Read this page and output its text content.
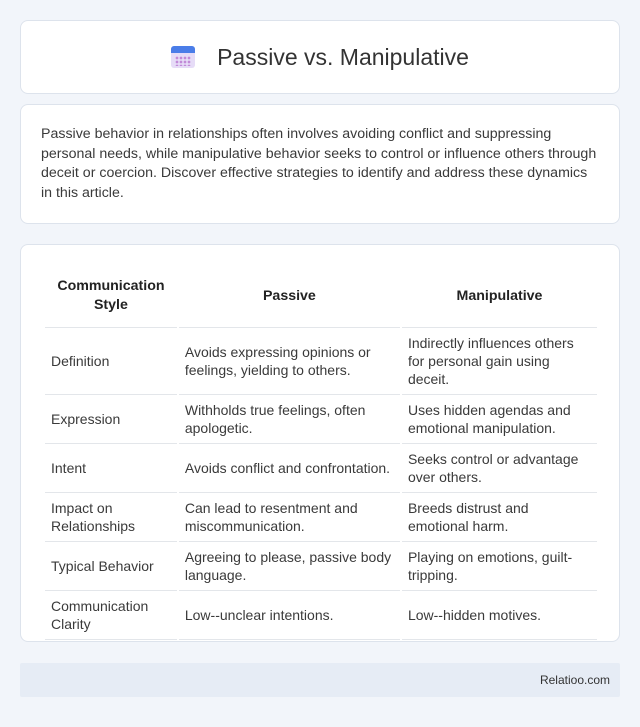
Passive vs. Manipulative

Passive behavior in relationships often involves avoiding conflict and suppressing personal needs, while manipulative behavior seeks to control or influence others through deceit or coercion. Discover effective strategies to identify and address these dynamics in this article.

Communication Style	Passive	Manipulative
Definition	Avoids expressing opinions or feelings, yielding to others.	Indirectly influences others for personal gain using deceit.
Expression	Withholds true feelings, often apologetic.	Uses hidden agendas and emotional manipulation.
Intent	Avoids conflict and confrontation.	Seeks control or advantage over others.
Impact on Relationships	Can lead to resentment and miscommunication.	Breeds distrust and emotional harm.
Typical Behavior	Agreeing to please, passive body language.	Playing on emotions, guilt-tripping.
Communication Clarity	Low--unclear intentions.	Low--hidden motives.
Relatioo.com
